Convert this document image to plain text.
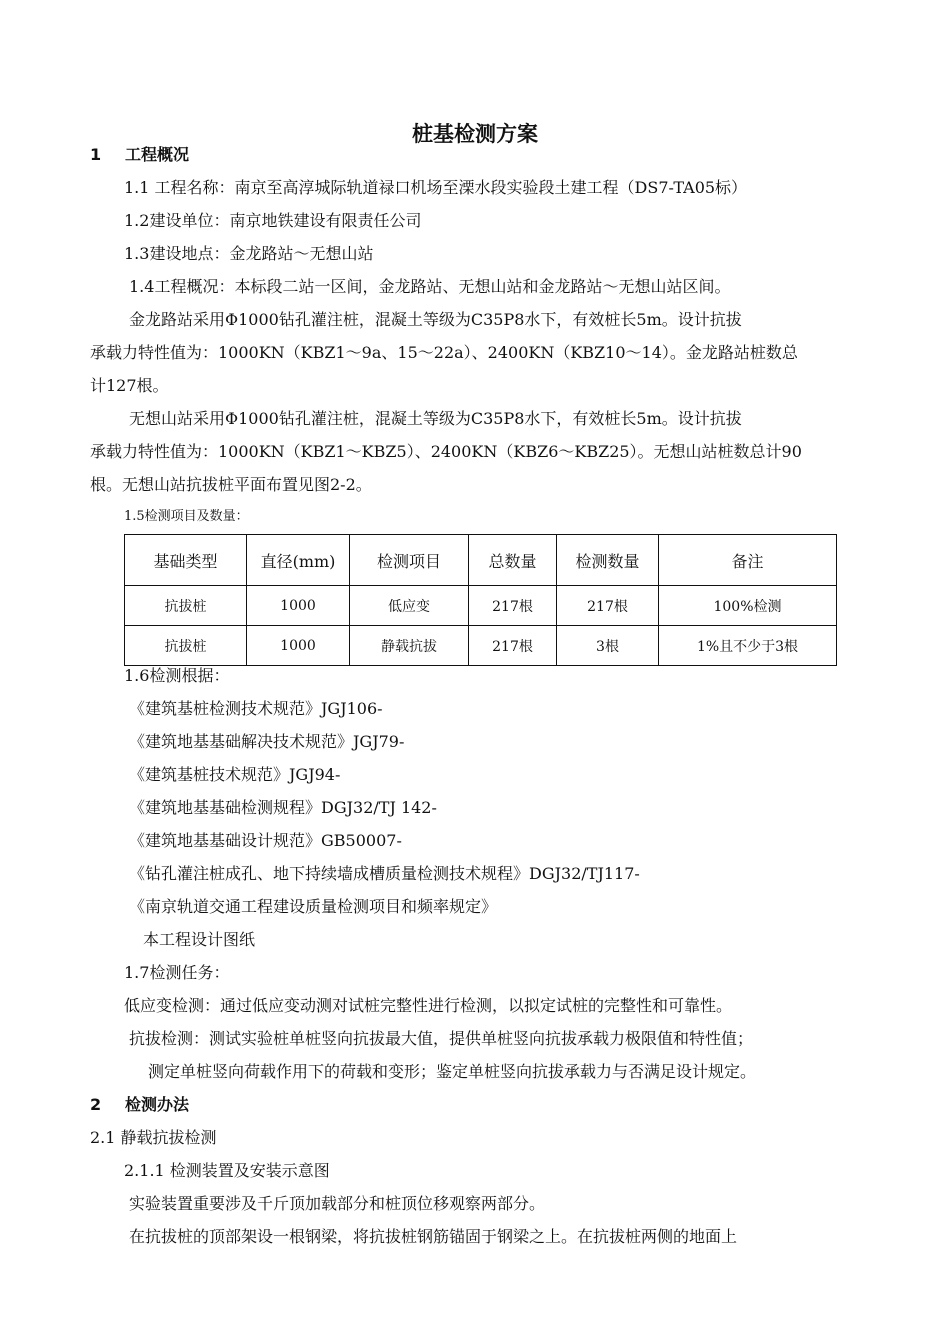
桩基检测方案
1 工程概况
1.1 工程名称：南京至高淳城际轨道禄口机场至溧水段实验段土建工程（DS7-TA05标）
1.2建设单位：南京地铁建设有限责任公司
1.3建设地点：金龙路站～无想山站
1.4工程概况：本标段二站一区间，金龙路站、无想山站和金龙路站～无想山站区间。
金龙路站采用Φ1000钻孔灌注桩，混凝土等级为C35P8水下，有效桩长5m。设计抗拔
承载力特性值为：1000KN（KBZ1～9a、15～22a）、2400KN（KBZ10～14）。金龙路站桩数总
计127根。
无想山站采用Φ1000钻孔灌注桩，混凝土等级为C35P8水下，有效桩长5m。设计抗拔
承载力特性值为：1000KN（KBZ1～KBZ5）、2400KN（KBZ6～KBZ25）。无想山站桩数总计90
根。无想山站抗拔桩平面布置见图2-2。
1.5检测项目及数量：
基础类型	直径(mm)	检测项目	总数量	检测数量	备注
抗拔桩	1000	低应变	217根	217根	100%检测
抗拔桩	1000	静载抗拔	217根	3根	1%且不少于3根
1.6检测根据：
《建筑基桩检测技术规范》JGJ106-
《建筑地基基础解决技术规范》JGJ79-
《建筑基桩技术规范》JGJ94-
《建筑地基基础检测规程》DGJ32/TJ 142-
《建筑地基基础设计规范》GB50007-
《钻孔灌注桩成孔、地下持续墙成槽质量检测技术规程》DGJ32/TJ117-
《南京轨道交通工程建设质量检测项目和频率规定》
本工程设计图纸
1.7检测任务：
低应变检测：通过低应变动测对试桩完整性进行检测，以拟定试桩的完整性和可靠性。
抗拔检测：测试实验桩单桩竖向抗拔最大值，提供单桩竖向抗拔承载力极限值和特性值；
测定单桩竖向荷载作用下的荷载和变形；鉴定单桩竖向抗拔承载力与否满足设计规定。
2 检测办法
2.1 静载抗拔检测
2.1.1 检测装置及安装示意图
实验装置重要涉及千斤顶加载部分和桩顶位移观察两部分。
在抗拔桩的顶部架设一根钢梁，将抗拔桩钢筋锚固于钢梁之上。在抗拔桩两侧的地面上
